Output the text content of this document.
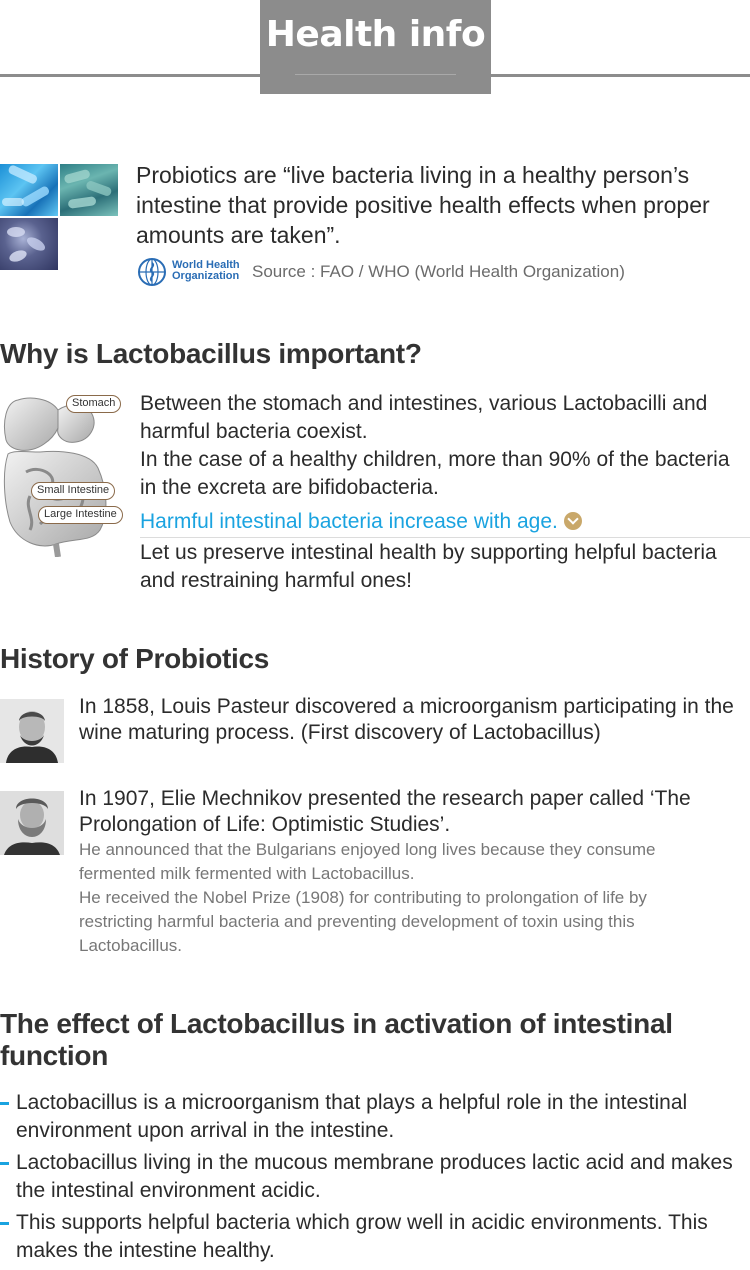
Health info
Probiotics are “live bacteria living in a healthy person’s intestine that provide positive health effects when proper amounts are taken”.
World Health
Organization Source : FAO / WHO (World Health Organization)
Why is Lactobacillus important?
Stomach
Small Intestine
Large Intestine
Between the stomach and intestines, various Lactobacilli and harmful bacteria coexist.
In the case of a healthy children, more than 90% of the bacteria in the excreta are bifidobacteria.
Harmful intestinal bacteria increase with age.
Let us preserve intestinal health by supporting helpful bacteria and restraining harmful ones!
History of Probiotics
In 1858, Louis Pasteur discovered a microorganism participating in the wine maturing process. (First discovery of Lactobacillus)
In 1907, Elie Mechnikov presented the research paper called ‘The Prolongation of Life: Optimistic Studies’.
He announced that the Bulgarians enjoyed long lives because they consume fermented milk fermented with Lactobacillus.
He received the Nobel Prize (1908) for contributing to prolongation of life by restricting harmful bacteria and preventing development of toxin using this Lactobacillus.
The effect of Lactobacillus in activation of intestinal function
Lactobacillus is a microorganism that plays a helpful role in the intestinal environment upon arrival in the intestine.
Lactobacillus living in the mucous membrane produces lactic acid and makes the intestinal environment acidic.
This supports helpful bacteria which grow well in acidic environments. This makes the intestine healthy.
